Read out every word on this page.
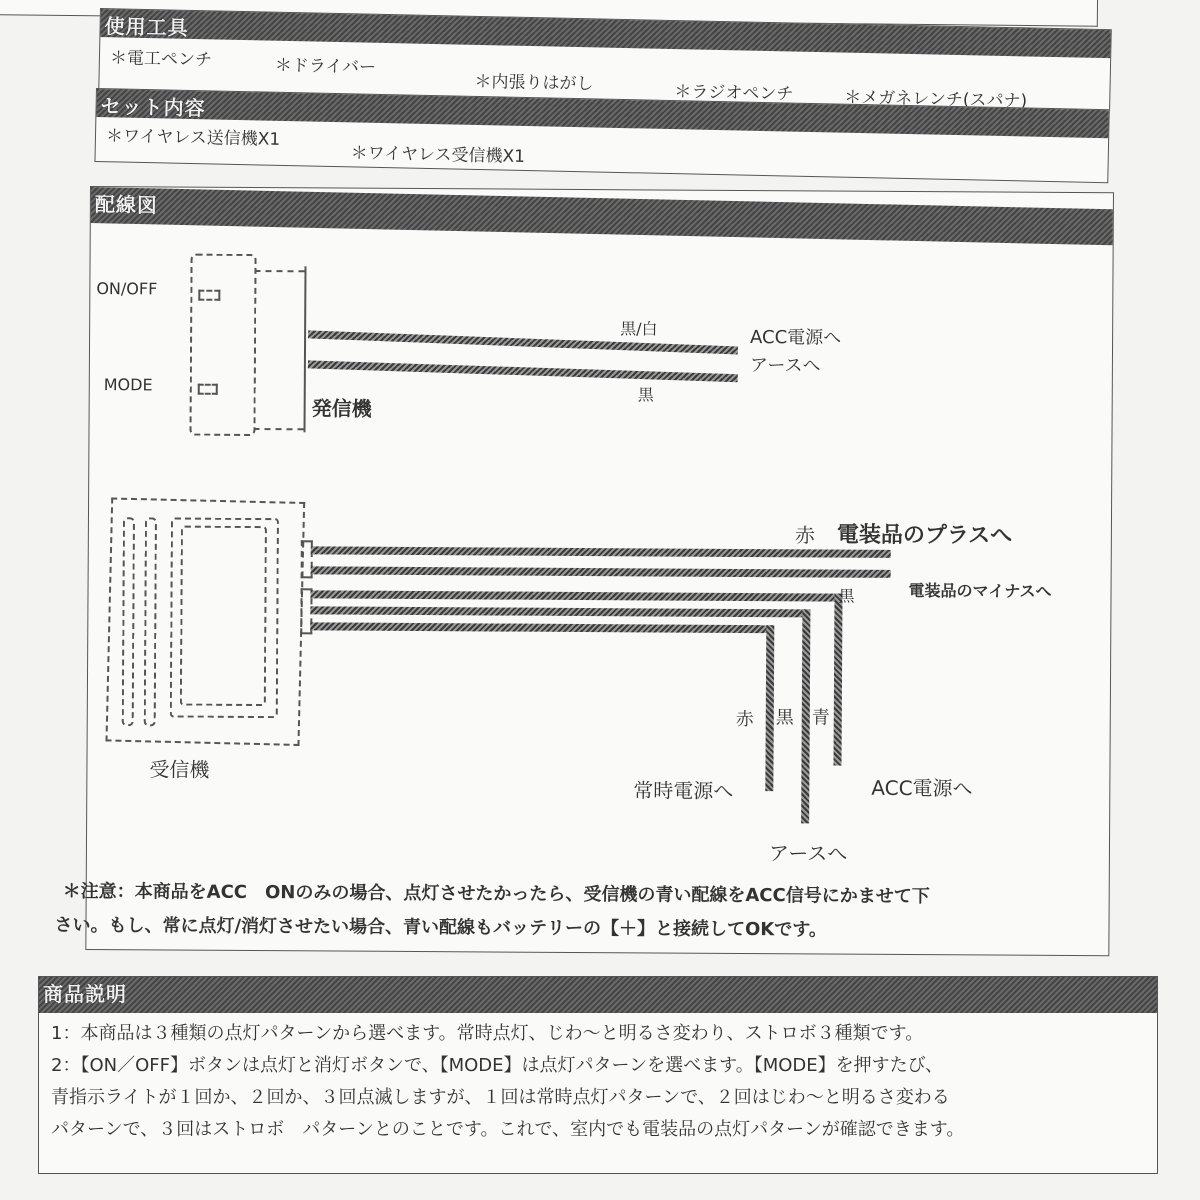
使用工具
＊電工ペンチ	＊ドライバー
＊内張りはがし	＊ラジオペンチ	＊メガネレンチ(スパナ)
セット内容
＊ワイヤレス送信機X1
＊ワイヤレス受信機X1
配線図
ON/OFF
MODE
発信機
黒/白	ACC電源へ
アースへ
黒
受信機
赤 電装品のプラスへ
黒	電装品のマイナスへ
赤 黒 青
常時電源へ
アースへ
ACC電源へ
＊注意：本商品をACC　ONのみの場合、点灯させたかったら、受信機の青い配線をACC信号にかませて下
さい。もし、常に点灯/消灯させたい場合、青い配線もバッテリーの【＋】と接続してOKです。
商品説明
1：本商品は３種類の点灯パターンから選べます。常時点灯、じわ～と明るさ変わり、ストロボ３種類です。
2：【ON／OFF】ボタンは点灯と消灯ボタンで、【MODE】は点灯パターンを選べます。【MODE】を押すたび、
青指示ライトが１回か、２回か、３回点滅しますが、１回は常時点灯パターンで、２回はじわ～と明るさ変わる
パターンで、３回はストロボ　パターンとのことです。これで、室内でも電装品の点灯パターンが確認できます。
